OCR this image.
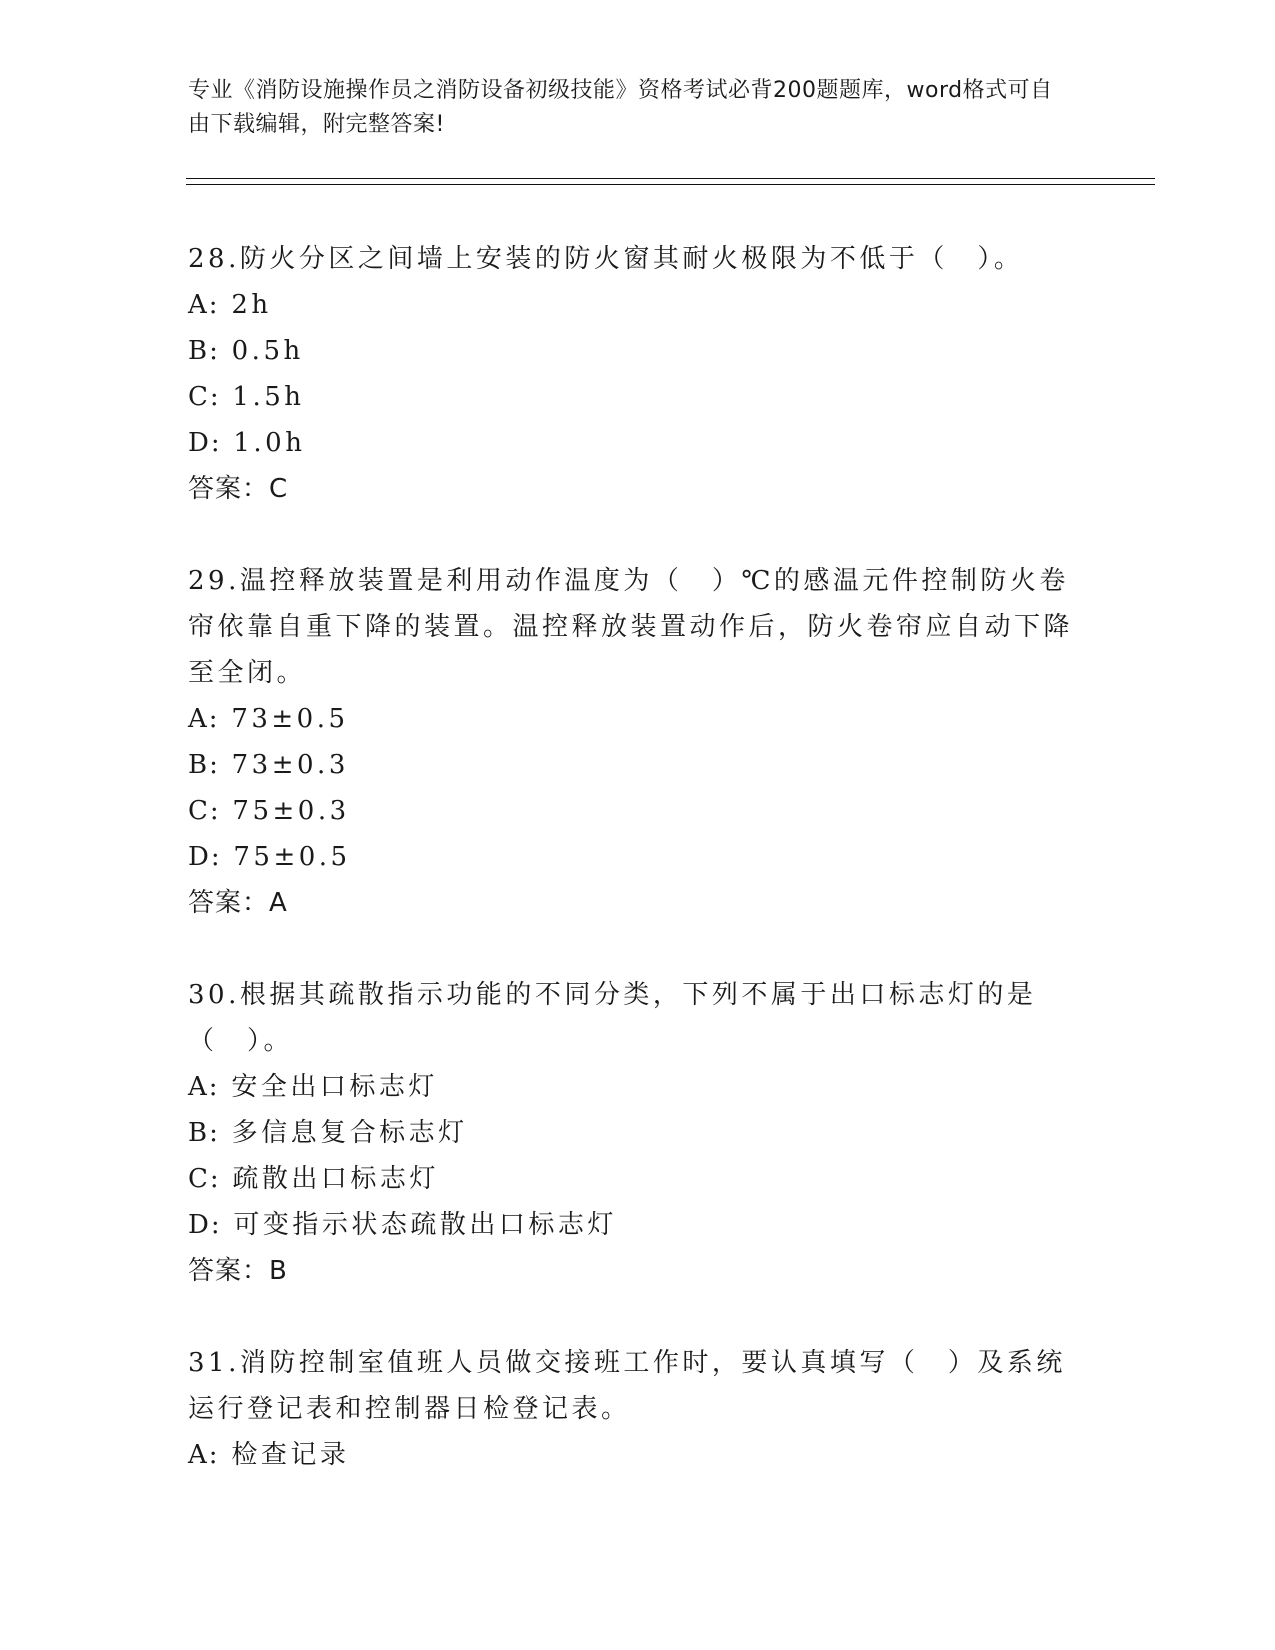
专业《消防设施操作员之消防设备初级技能》资格考试必背200题题库，word格式可自由下载编辑，附完整答案!

28.防火分区之间墙上安装的防火窗其耐火极限为不低于（　）。

A: 2h

B: 0.5h

C: 1.5h

D: 1.0h

答案：C

29.温控释放装置是利用动作温度为（　）℃的感温元件控制防火卷帘依靠自重下降的装置。温控释放装置动作后，防火卷帘应自动下降至全闭。

A: 73±0.5

B: 73±0.3

C: 75±0.3

D: 75±0.5

答案：A

30.根据其疏散指示功能的不同分类，下列不属于出口标志灯的是（　）。

A: 安全出口标志灯

B: 多信息复合标志灯

C: 疏散出口标志灯

D: 可变指示状态疏散出口标志灯

答案：B

31.消防控制室值班人员做交接班工作时，要认真填写（　）及系统运行登记表和控制器日检登记表。

A: 检查记录
